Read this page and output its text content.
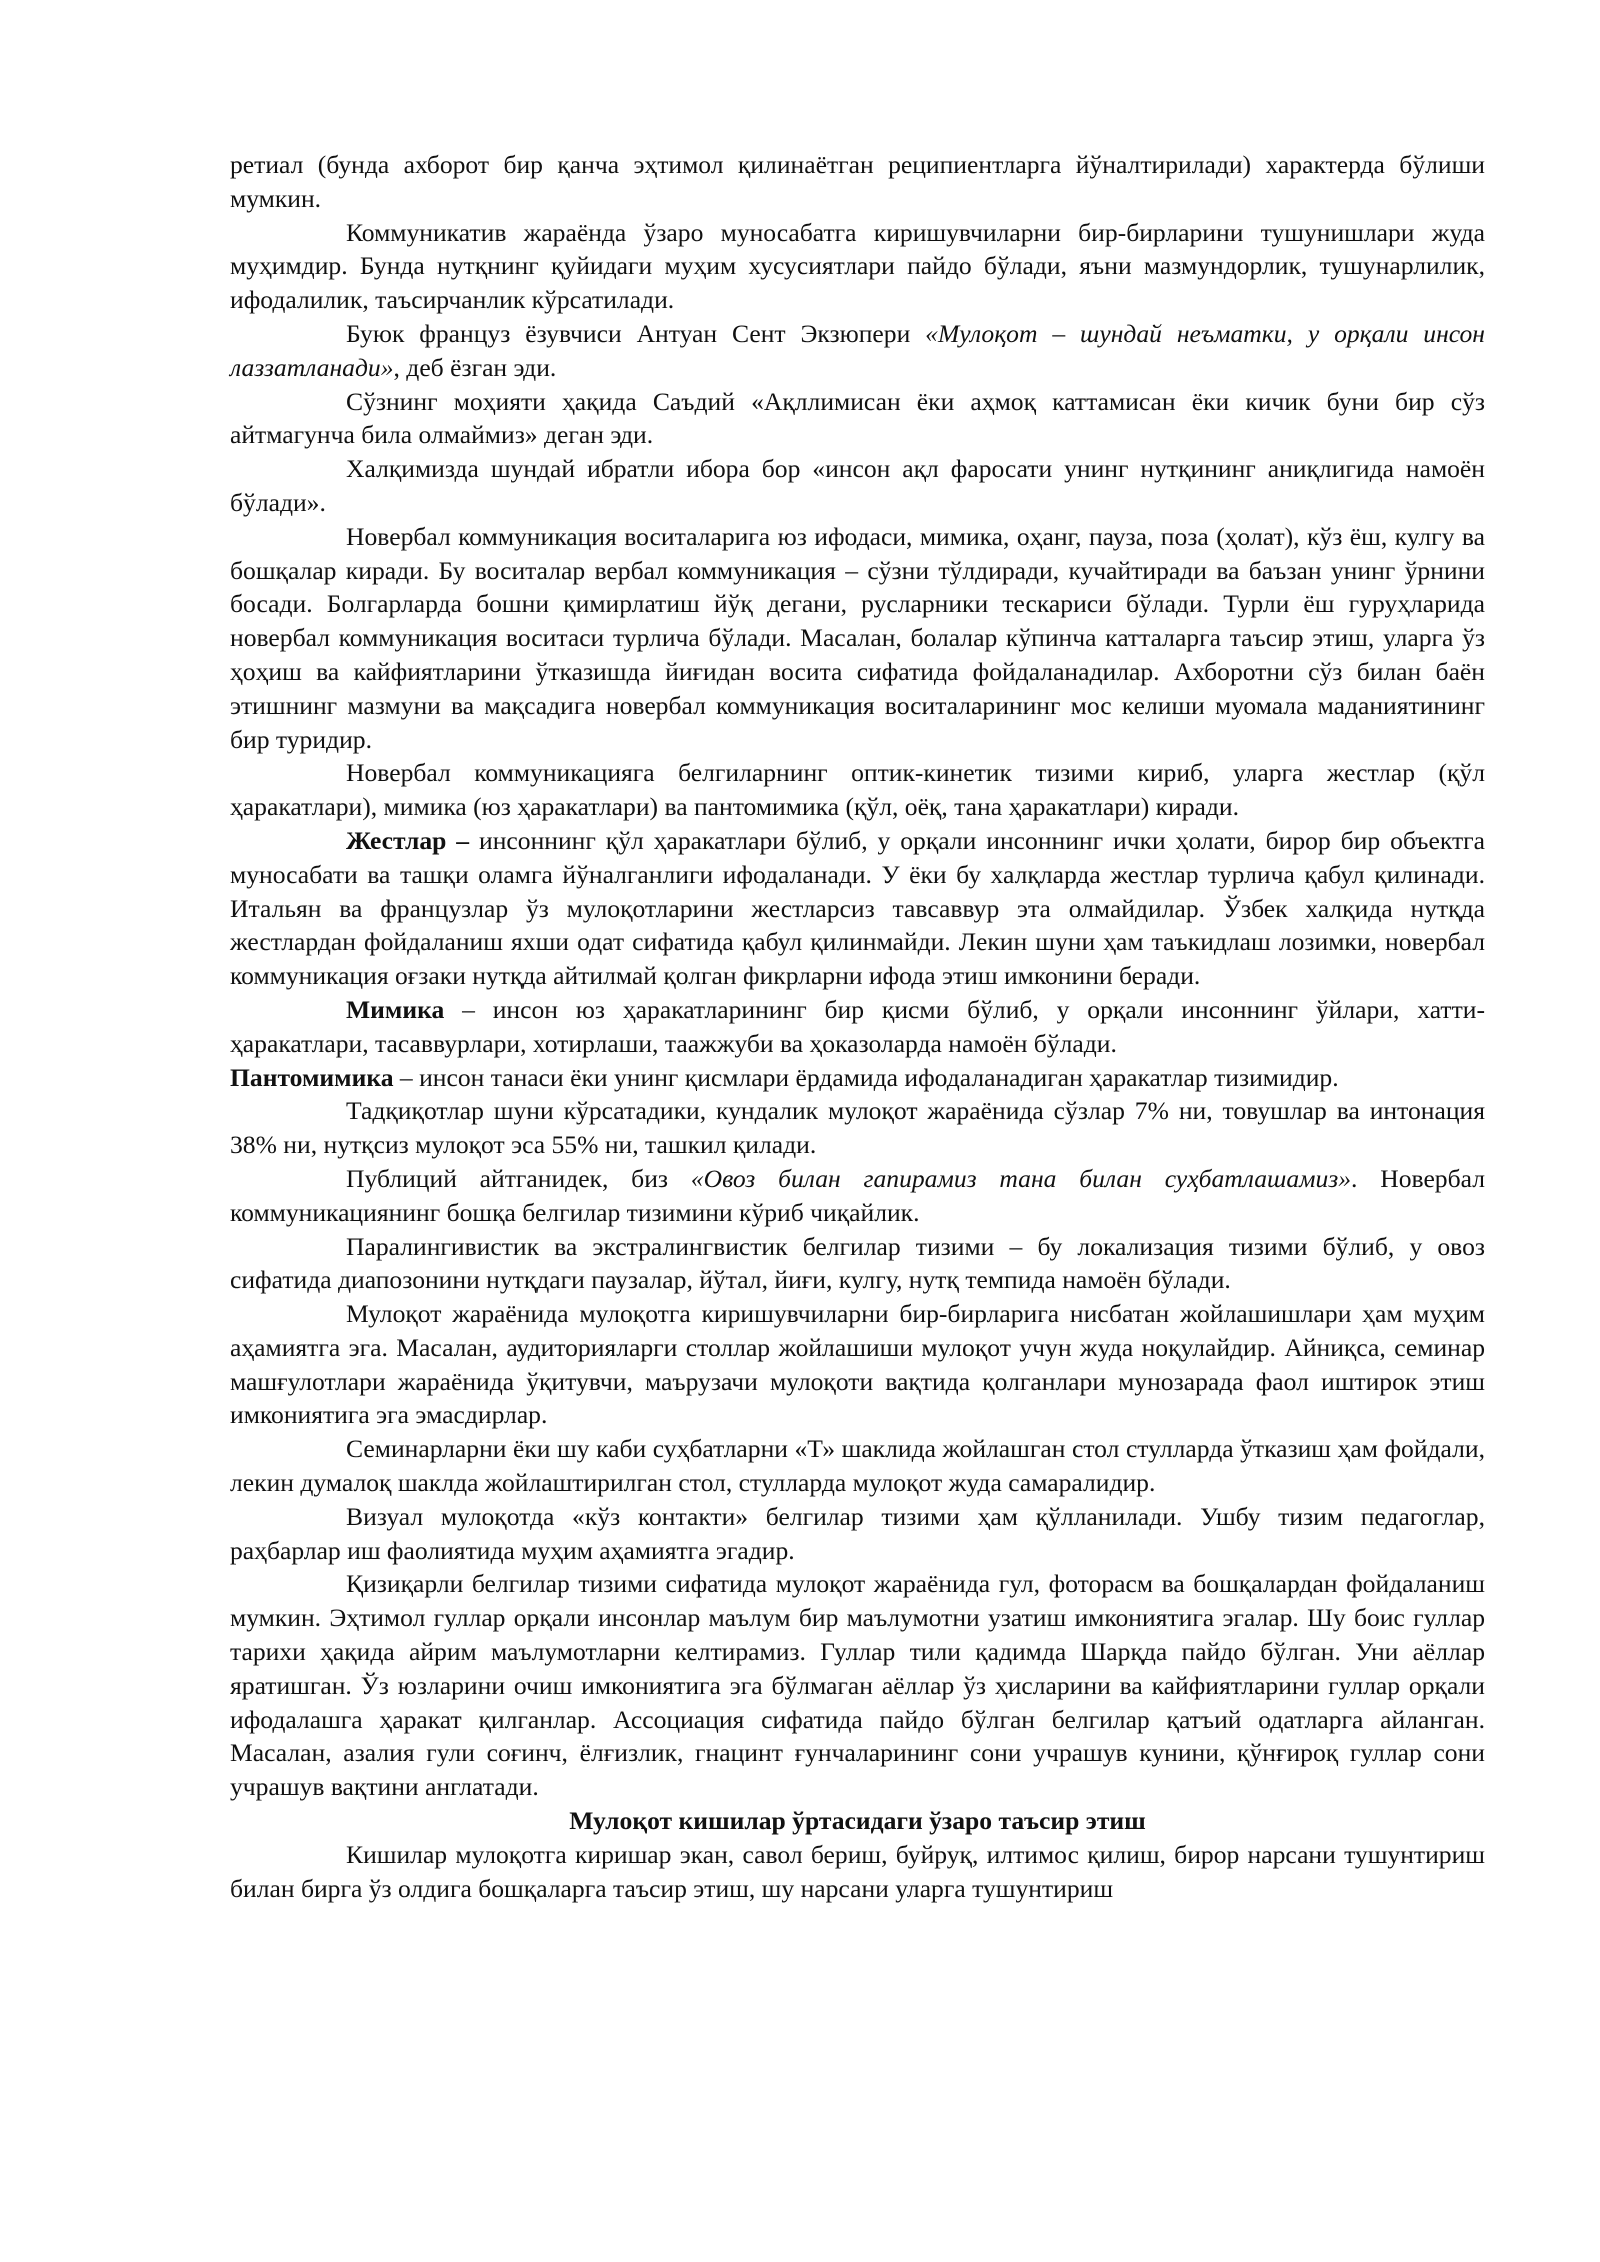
ретиал (бунда ахборот бир қанча эҳтимол қилинаётган реципиентларга йўналтирилади) характерда бўлиши мумкин.

Коммуникатив жараёнда ўзаро муносабатга киришувчиларни бир-бирларини тушунишлари жуда муҳимдир. Бунда нутқнинг қуйидаги муҳим хусусиятлари пайдо бўлади, яъни мазмундорлик, тушунарлилик, ифодалилик, таъсирчанлик кўрсатилади.

Буюк француз ёзувчиси Антуан Сент Экзюпери «Мулоқот – шундай неъматки, у орқали инсон лаззатланади», деб ёзган эди.

Сўзнинг моҳияти ҳақида Саъдий «Ақллимисан ёки аҳмоқ каттамисан ёки кичик буни бир сўз айтмагунча била олмаймиз» деган эди.

Халқимизда шундай ибратли ибора бор «инсон ақл фаросати унинг нутқининг аниқлигида намоён бўлади».

Новербал коммуникация воситаларига юз ифодаси, мимика, оҳанг, пауза, поза (ҳолат), кўз ёш, кулгу ва бошқалар киради. Бу воситалар вербал коммуникация – сўзни тўлдиради, кучайтиради ва баъзан унинг ўрнини босади. Болгарларда бошни қимирлатиш йўқ дегани, русларники тескариси бўлади. Турли ёш гуруҳларида новербал коммуникация воситаси турлича бўлади. Масалан, болалар кўпинча катталарга таъсир этиш, уларга ўз ҳоҳиш ва кайфиятларини ўтказишда йиғидан восита сифатида фойдаланадилар. Ахборотни сўз билан баён этишнинг мазмуни ва мақсадига новербал коммуникация воситаларининг мос келиши муомала маданиятининг бир туридир.

Новербал коммуникацияга белгиларнинг оптик-кинетик тизими кириб, уларга жестлар (қўл ҳаракатлари), мимика (юз ҳаракатлари) ва пантомимика (қўл, оёқ, тана ҳаракатлари) киради.

Жестлар – инсоннинг қўл ҳаракатлари бўлиб, у орқали инсоннинг ички ҳолати, бирор бир объектга муносабати ва ташқи оламга йўналганлиги ифодаланади. У ёки бу халқларда жестлар турлича қабул қилинади. Итальян ва французлар ўз мулоқотларини жестларсиз тавсаввур эта олмайдилар. Ўзбек халқида нутқда жестлардан фойдаланиш яхши одат сифатида қабул қилинмайди. Лекин шуни ҳам таъкидлаш лозимки, новербал коммуникация оғзаки нутқда айтилмай қолган фикрларни ифода этиш имконини беради.

Мимика – инсон юз ҳаракатларининг бир қисми бўлиб, у орқали инсоннинг ўйлари, хатти-ҳаракатлари, тасаввурлари, хотирлаши, таажжуби ва ҳоказоларда намоён бўлади.

Пантомимика – инсон танаси ёки унинг қисмлари ёрдамида ифодаланадиган ҳаракатлар тизимидир.

Тадқиқотлар шуни кўрсатадики, кундалик мулоқот жараёнида сўзлар 7% ни, товушлар ва интонация 38% ни, нутқсиз мулоқот эса 55% ни, ташкил қилади.

Публиций айтганидек, биз «Овоз билан гапирамиз тана билан суҳбатлашамиз». Новербал коммуникациянинг бошқа белгилар тизимини кўриб чиқайлик.

Паралингивистик ва экстралингвистик белгилар тизими – бу локализация тизими бўлиб, у овоз сифатида диапозонини нутқдаги паузалар, йўтал, йиғи, кулгу, нутқ темпида намоён бўлади.

Мулоқот жараёнида мулоқотга киришувчиларни бир-бирларига нисбатан жойлашишлари ҳам муҳим аҳамиятга эга. Масалан, аудиторияларги столлар жойлашиши мулоқот учун жуда ноқулайдир. Айниқса, семинар машғулотлари жараёнида ўқитувчи, маърузачи мулоқоти вақтида қолганлари мунозарада фаол иштирок этиш имкониятига эга эмасдирлар.

Семинарларни ёки шу каби суҳбатларни «Т» шаклида жойлашган стол стулларда ўтказиш ҳам фойдали, лекин думалоқ шаклда жойлаштирилган стол, стулларда мулоқот жуда самаралидир.

Визуал мулоқотда «кўз контакти» белгилар тизими ҳам қўлланилади. Ушбу тизим педагоглар, раҳбарлар иш фаолиятида муҳим аҳамиятга эгадир.

Қизиқарли белгилар тизими сифатида мулоқот жараёнида гул, фоторасм ва бошқалардан фойдаланиш мумкин. Эҳтимол гуллар орқали инсонлар маълум бир маълумотни узатиш имкониятига эгалар. Шу боис гуллар тарихи ҳақида айрим маълумотларни келтирамиз. Гуллар тили қадимда Шарқда пайдо бўлган. Уни аёллар яратишган. Ўз юзларини очиш имкониятига эга бўлмаган аёллар ўз ҳисларини ва кайфиятларини гуллар орқали ифодалашга ҳаракат қилганлар. Ассоциация сифатида пайдо бўлган белгилар қатъий одатларга айланган. Масалан, азалия гули соғинч, ёлғизлик, гнацинт ғунчаларининг сони учрашув кунини, қўнғироқ гуллар сони учрашув вақтини англатади.

Мулоқот кишилар ўртасидаги ўзаро таъсир этиш

Кишилар мулоқотга киришар экан, савол бериш, буйруқ, илтимос қилиш, бирор нарсани тушунтириш билан бирга ўз олдига бошқаларга таъсир этиш, шу нарсани уларга тушунтириш
